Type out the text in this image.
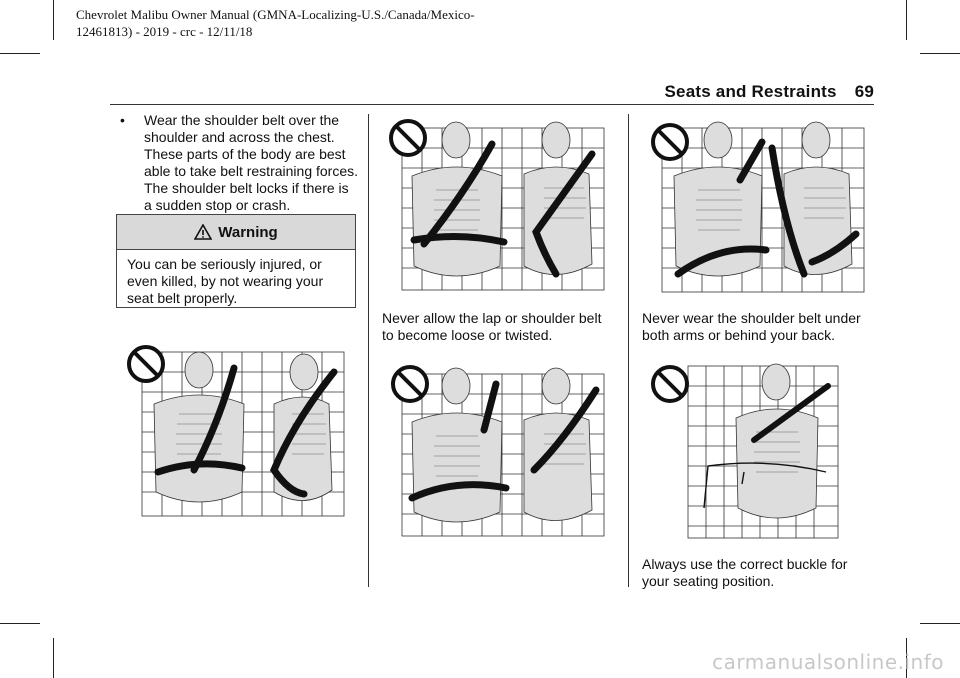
Chevrolet Malibu Owner Manual (GMNA-Localizing-U.S./Canada/Mexico-
12461813) - 2019 - crc - 12/11/18
Seats and Restraints 69
• Wear the shoulder belt over the shoulder and across the chest. These parts of the body are best able to take belt restraining forces. The shoulder belt locks if there is a sudden stop or crash.
Warning
You can be seriously injured, or even killed, by not wearing your seat belt properly.
Never allow the lap or shoulder belt to become loose or twisted.
Never wear the shoulder belt under both arms or behind your back.
Always use the correct buckle for your seating position.
carmanualsonline.info
